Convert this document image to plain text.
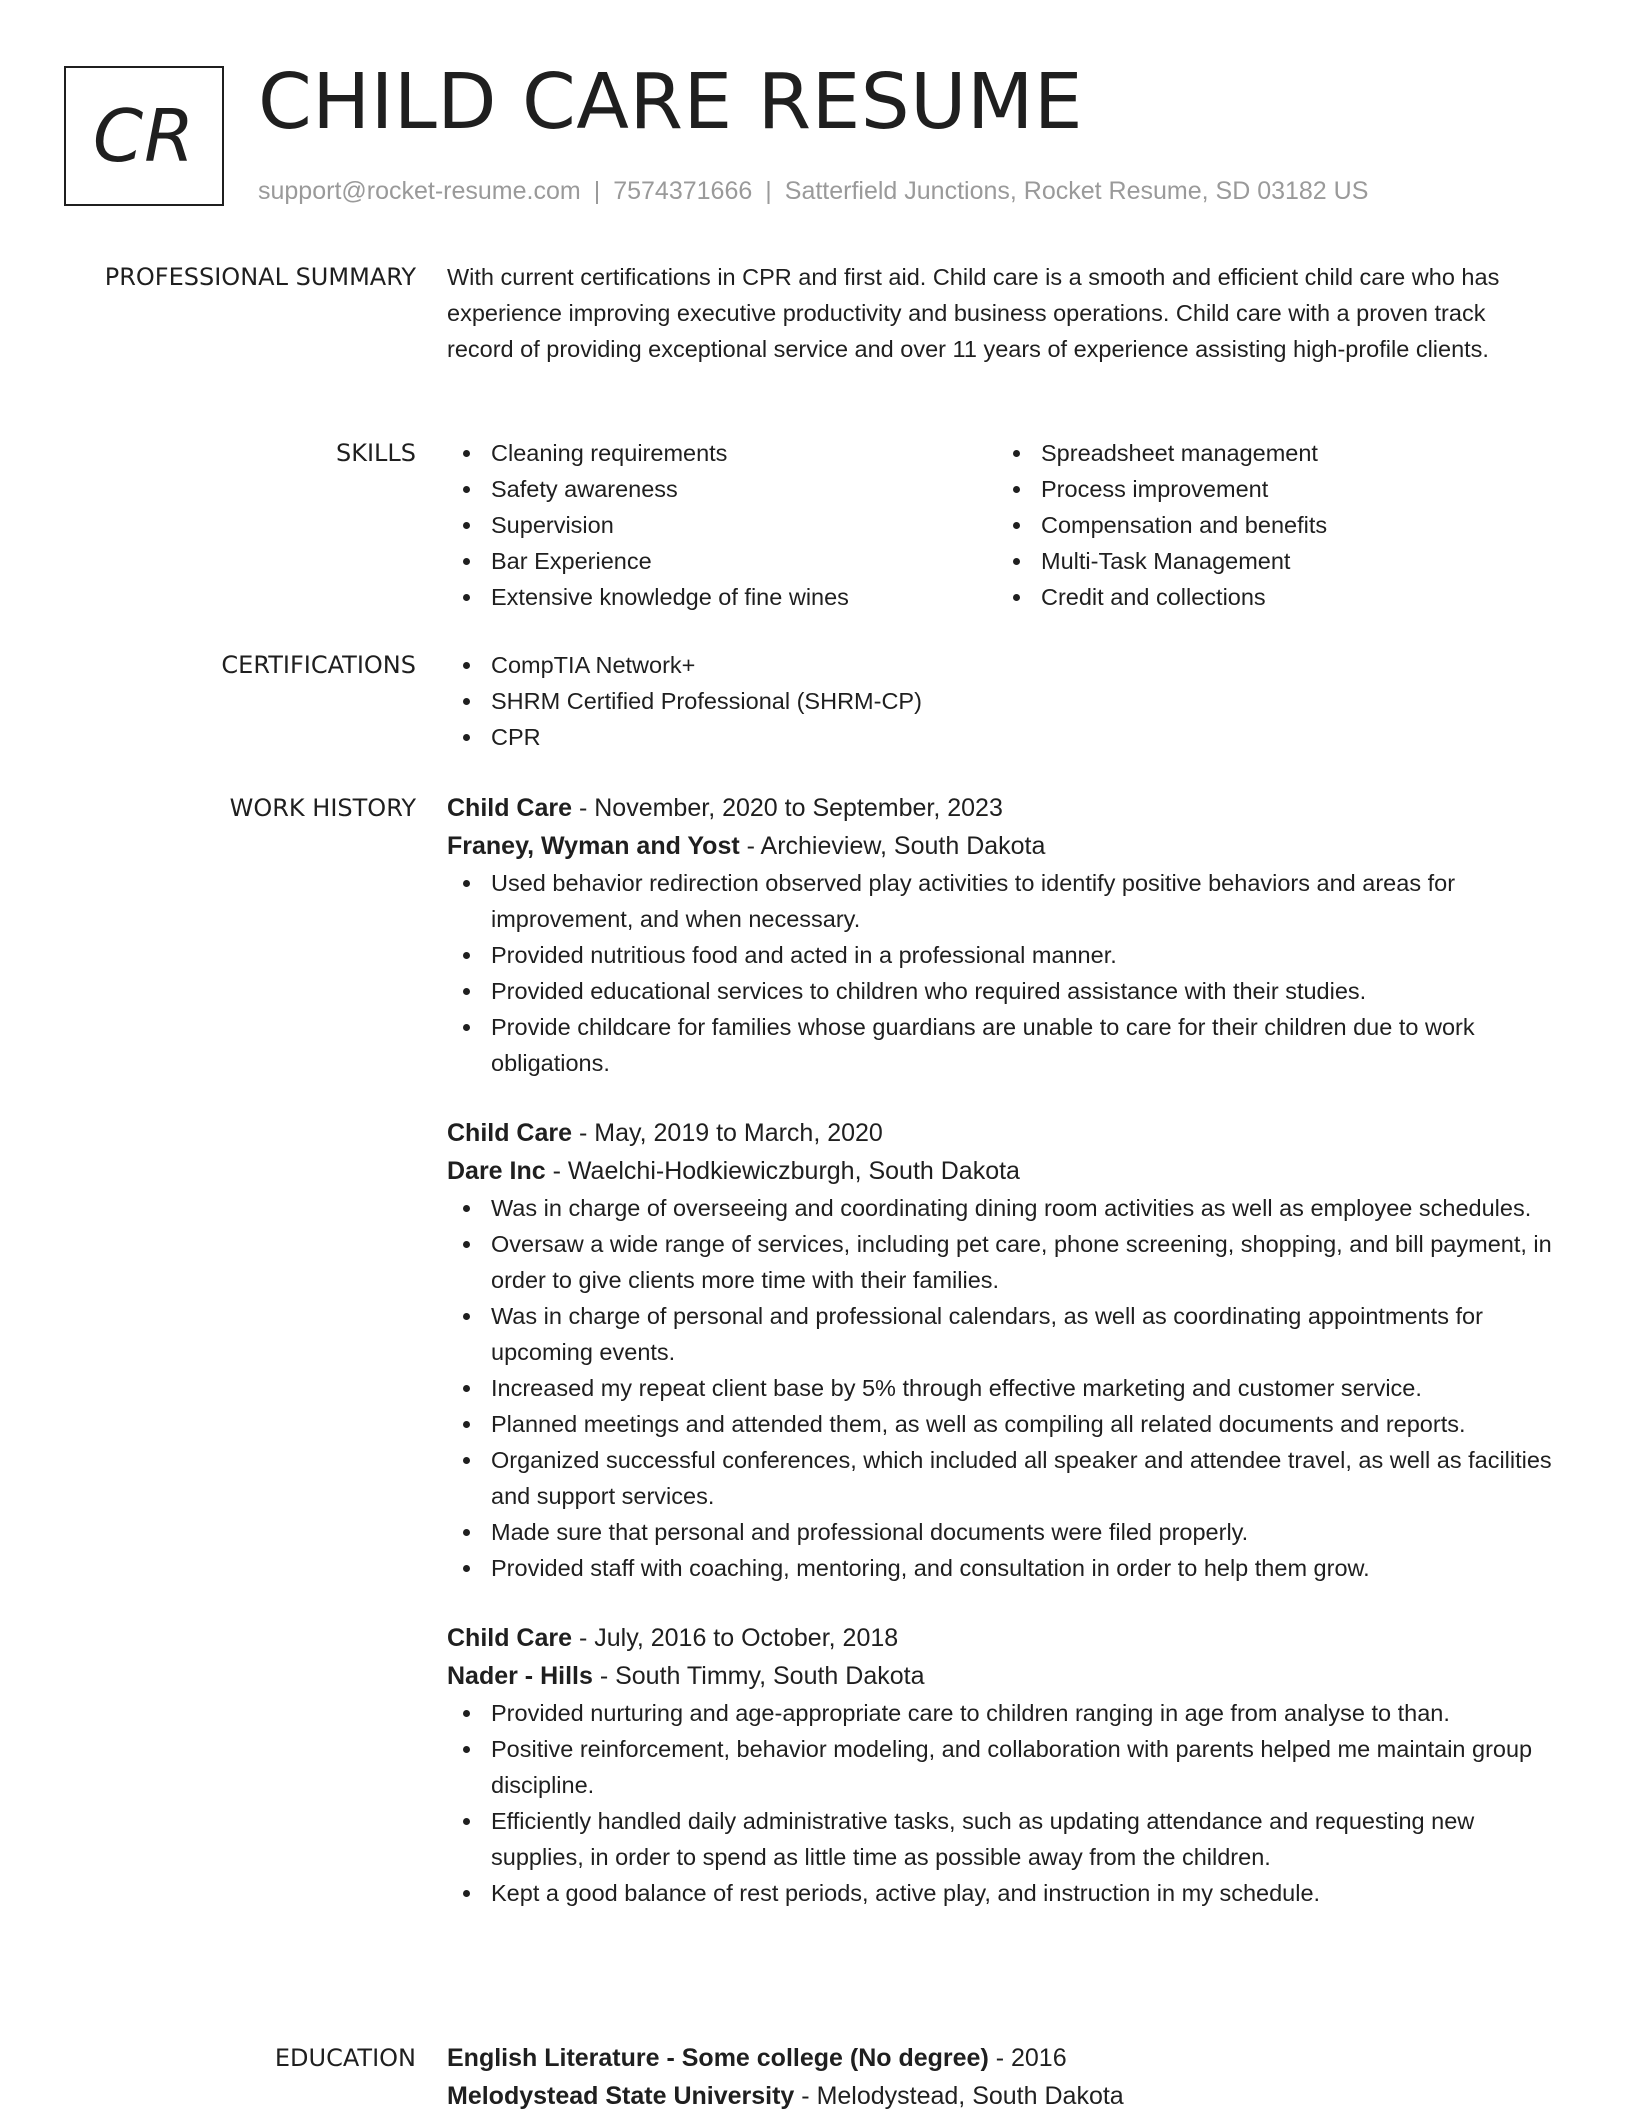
CR CHILD CARE RESUME
support@rocket-resume.com | 7574371666 | Satterfield Junctions, Rocket Resume, SD 03182 US
PROFESSIONAL SUMMARY With current certifications in CPR and first aid. Child care is a smooth and efficient child care who has experience improving executive productivity and business operations. Child care with a proven track record of providing exceptional service and over 11 years of experience assisting high-profile clients.

SKILLS	Cleaning requirements
Safety awareness
Supervision
Bar Experience
Extensive knowledge of fine wines
Spreadsheet management
Process improvement
Compensation and benefits
Multi-Task Management
Credit and collections
CERTIFICATIONS	CompTIA Network+
SHRM Certified Professional (SHRM-CP)
CPR
WORK HISTORY Child Care - November, 2020 to September, 2023
Franey, Wyman and Yost - Archieview, South Dakota
Used behavior redirection observed play activities to identify positive behaviors and areas for improvement, and when necessary.
Provided nutritious food and acted in a professional manner.
Provided educational services to children who required assistance with their studies.
Provide childcare for families whose guardians are unable to care for their children due to work obligations.
Child Care - May, 2019 to March, 2020
Dare Inc - Waelchi-Hodkiewiczburgh, South Dakota
Was in charge of overseeing and coordinating dining room activities as well as employee schedules.
Oversaw a wide range of services, including pet care, phone screening, shopping, and bill payment, in order to give clients more time with their families.
Was in charge of personal and professional calendars, as well as coordinating appointments for upcoming events.
Increased my repeat client base by 5% through effective marketing and customer service.
Planned meetings and attended them, as well as compiling all related documents and reports.
Organized successful conferences, which included all speaker and attendee travel, as well as facilities and support services.
Made sure that personal and professional documents were filed properly.
Provided staff with coaching, mentoring, and consultation in order to help them grow.
Child Care - July, 2016 to October, 2018
Nader - Hills - South Timmy, South Dakota
Provided nurturing and age-appropriate care to children ranging in age from analyse to than.
Positive reinforcement, behavior modeling, and collaboration with parents helped me maintain group discipline.
Efficiently handled daily administrative tasks, such as updating attendance and requesting new supplies, in order to spend as little time as possible away from the children.
Kept a good balance of rest periods, active play, and instruction in my schedule.
EDUCATION English Literature - Some college (No degree) - 2016
Melodystead State University - Melodystead, South Dakota
